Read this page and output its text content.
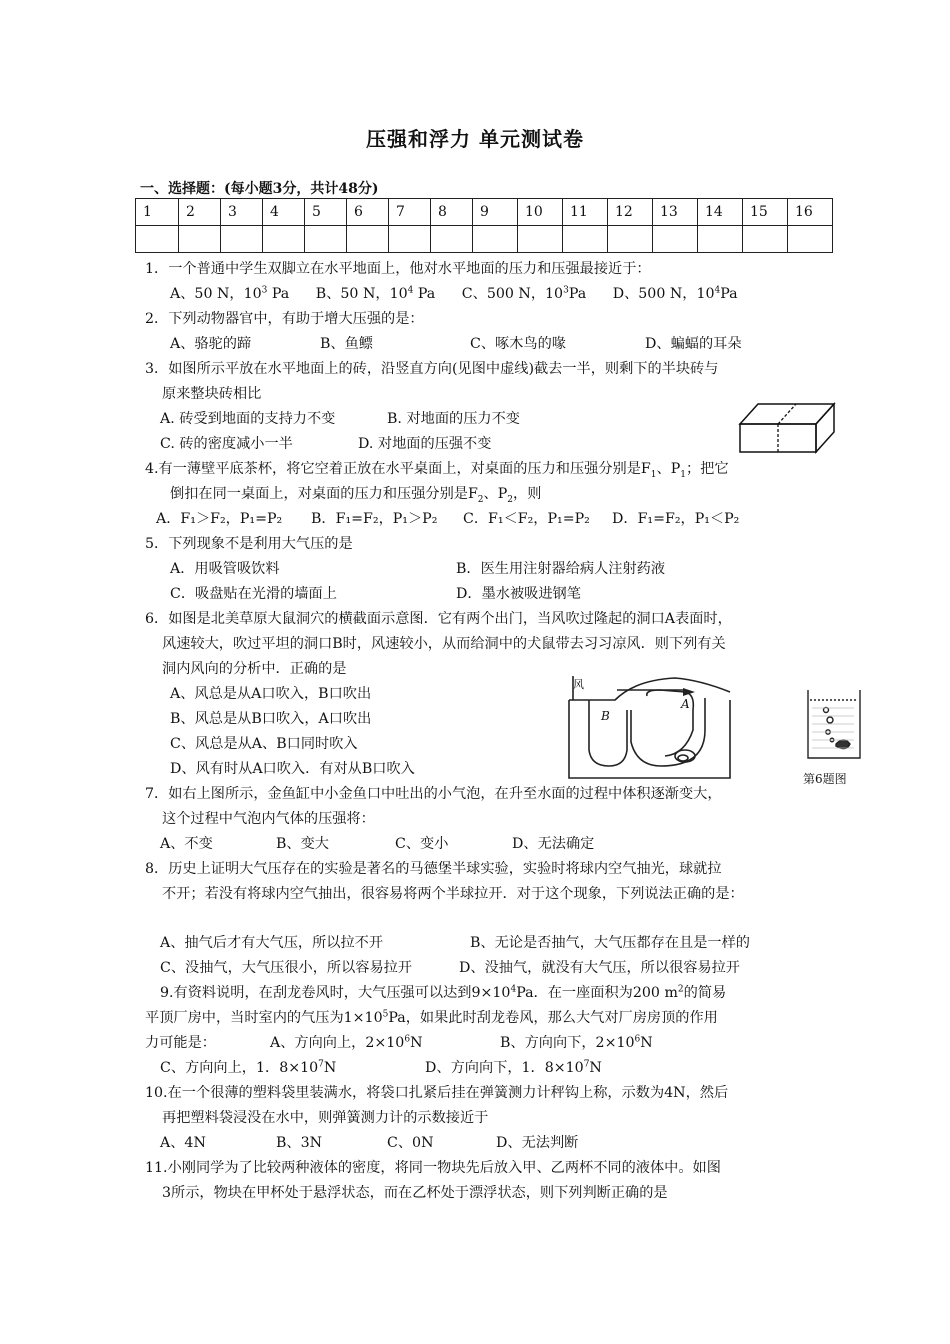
压强和浮力 单元测试卷
一、选择题：(每小题3分，共计48分)
1	2	3	4	5	6	7	8	9	10	11	12	13	14	15	16

1．一个普通中学生双脚立在水平地面上，他对水平地面的压力和压强最接近于：
A、50 N，$10^3$ Pa B、50 N，$10^4$ Pa C、500 N，$10^3Pa$ D、500 N，$10^4Pa$
2．下列动物器官中，有助于增大压强的是：
A、骆驼的蹄	B、鱼鳔	C、啄木鸟的喙	D、蝙蝠的耳朵
3．如图所示平放在水平地面上的砖，沿竖直方向(见图中虚线)截去一半，则剩下的半块砖与
原来整块砖相比
A. 砖受到地面的支持力不变	B. 对地面的压力不变
C. 砖的密度减小一半	D. 对地面的压强不变
4.有一薄壁平底茶杯，将它空着正放在水平桌面上，对桌面的压力和压强分别是$F_1$、$P_1$；把它
倒扣在同一桌面上，对桌面的压力和压强分别是$F_2$、$P_2$，则
A．F₁＞F₂，P₁=P₂ B．F₁=F₂，P₁＞P₂ C．F₁＜F₂，P₁=P₂ D．F₁=F₂，P₁＜P₂
5．下列现象不是利用大气压的是
A．用吸管吸饮料	B．医生用注射器给病人注射药液
C．吸盘贴在光滑的墙面上	D．墨水被吸进钢笔
6．如图是北美草原大鼠洞穴的横截面示意图．它有两个出门，当风吹过隆起的洞口A表面时，
风速较大，吹过平坦的洞口B时，风速较小，从而给洞中的犬鼠带去习习凉风．则下列有关
洞内风向的分析中．正确的是
A、风总是从A口吹入，B口吹出
B、风总是从B口吹入，A口吹出
C、风总是从A、B口同时吹入
D、风有时从A口吹入．有对从B口吹入
风
A
B
第6题图
7．如右上图所示，金鱼缸中小金鱼口中吐出的小气泡，在升至水面的过程中体积逐渐变大，
这个过程中气泡内气体的压强将：
A、不变	B、变大	C、变小	D、无法确定
8．历史上证明大气压存在的实验是著名的马德堡半球实验，实验时将球内空气抽光，球就拉
不开；若没有将球内空气抽出，很容易将两个半球拉开．对于这个现象，下列说法正确的是：
A、抽气后才有大气压，所以拉不开	B、无论是否抽气，大气压都存在且是一样的
C、没抽气，大气压很小，所以容易拉开	D、没抽气，就没有大气压，所以很容易拉开
9.有资料说明，在刮龙卷风时，大气压强可以达到$9\times 10^4Pa$．在一座面积为200 $m^2$的简易
平顶厂房中，当时室内的气压为$1\times 10^5Pa$，如果此时刮龙卷风，那么大气对厂房房顶的作用
力可能是：	A、方向向上，$2\times 10^6N$	B、方向向下，$2\times 10^6N$
C、方向向上，1．$8\times 10^7N$	D、方向向下，1．$8\times 10^7N$
10.在一个很薄的塑料袋里装满水，将袋口扎紧后挂在弹簧测力计秤钩上称，示数为4N，然后
再把塑料袋浸没在水中，则弹簧测力计的示数接近于
A、4N	B、3N	C、0N	D、无法判断
11.小刚同学为了比较两种液体的密度，将同一物块先后放入甲、乙两杯不同的液体中。如图
3所示，物块在甲杯处于悬浮状态，而在乙杯处于漂浮状态，则下列判断正确的是
